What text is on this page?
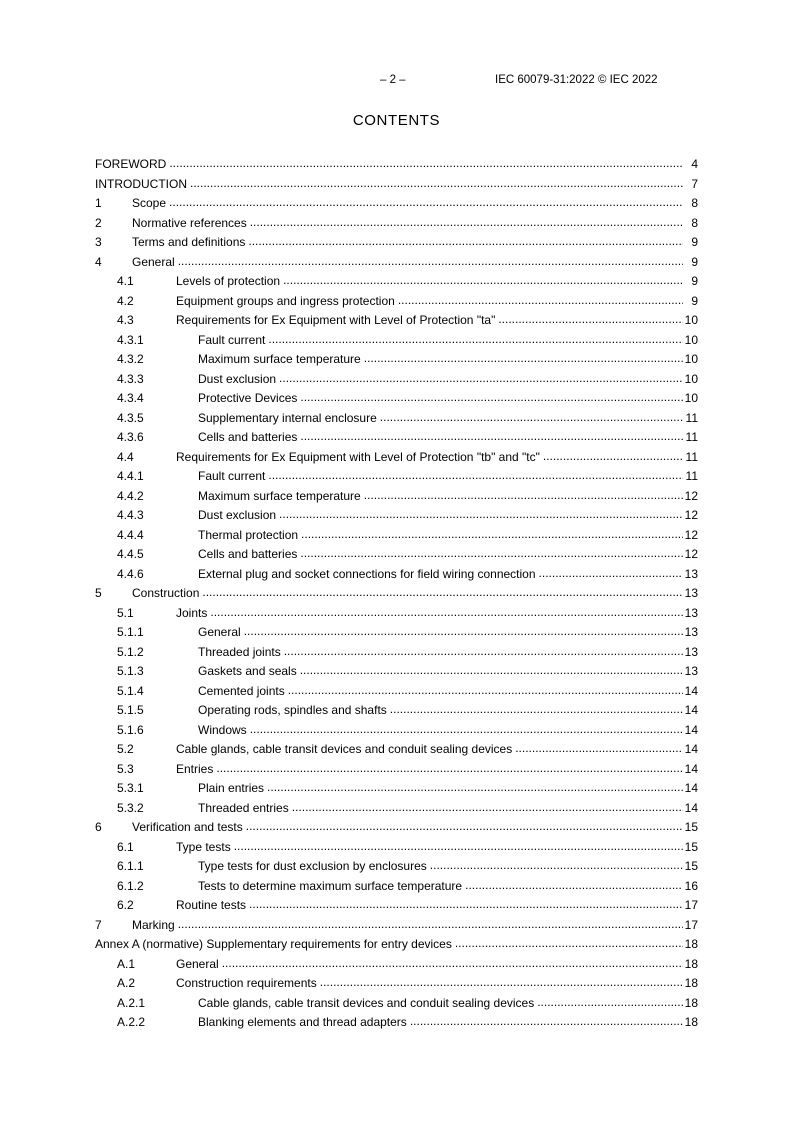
– 2 –	IEC 60079-31:2022 © IEC 2022
CONTENTS
FOREWORD .....	4
INTRODUCTION .....	7
1	Scope .....	8
2	Normative references .....	8
3	Terms and definitions .....	9
4	General .....	9
4.1	Levels of protection .....	9
4.2	Equipment groups and ingress protection .....	9
4.3	Requirements for Ex Equipment with Level of Protection "ta" .....	10
4.3.1	Fault current .....	10
4.3.2	Maximum surface temperature .....	10
4.3.3	Dust exclusion .....	10
4.3.4	Protective Devices .....	10
4.3.5	Supplementary internal enclosure .....	11
4.3.6	Cells and batteries .....	11
4.4	Requirements for Ex Equipment with Level of Protection "tb" and "tc" .....	11
4.4.1	Fault current .....	11
4.4.2	Maximum surface temperature .....	12
4.4.3	Dust exclusion .....	12
4.4.4	Thermal protection .....	12
4.4.5	Cells and batteries .....	12
4.4.6	External plug and socket connections for field wiring connection .....	13
5	Construction .....	13
5.1	Joints .....	13
5.1.1	General .....	13
5.1.2	Threaded joints .....	13
5.1.3	Gaskets and seals .....	13
5.1.4	Cemented joints .....	14
5.1.5	Operating rods, spindles and shafts .....	14
5.1.6	Windows .....	14
5.2	Cable glands, cable transit devices and conduit sealing devices .....	14
5.3	Entries .....	14
5.3.1	Plain entries .....	14
5.3.2	Threaded entries .....	14
6	Verification and tests .....	15
6.1	Type tests .....	15
6.1.1	Type tests for dust exclusion by enclosures .....	15
6.1.2	Tests to determine maximum surface temperature .....	16
6.2	Routine tests .....	17
7	Marking .....	17
Annex A (normative) Supplementary requirements for entry devices .....	18
A.1	General .....	18
A.2	Construction requirements .....	18
A.2.1	Cable glands, cable transit devices and conduit sealing devices .....	18
A.2.2	Blanking elements and thread adapters .....	18
